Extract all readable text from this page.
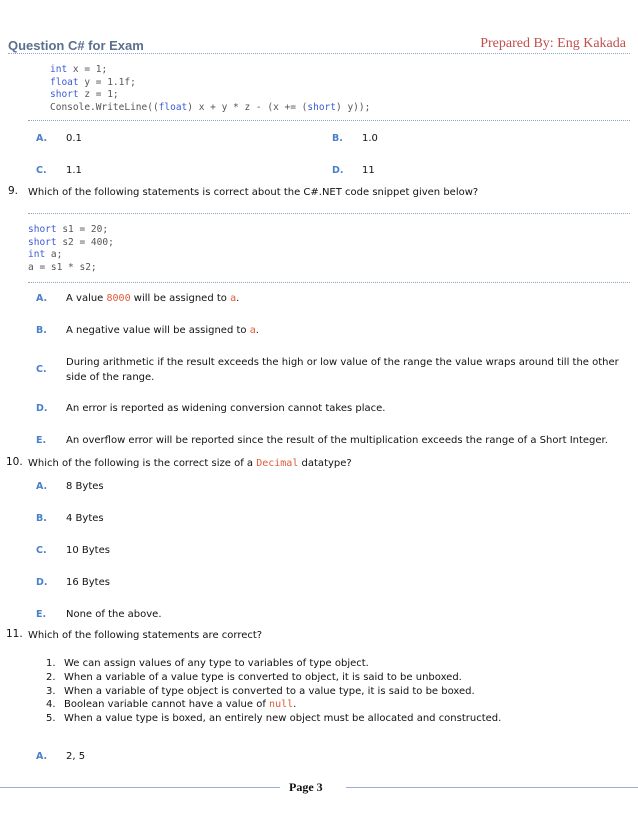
Question C# for Exam	Prepared By: Eng Kakada
int x = 1;
float y = 1.1f;
short z = 1;
Console.WriteLine((float) x + y * z - (x += (short) y));
A. 0.1	B. 1.0
C. 1.1	D. 11
9. Which of the following statements is correct about the C#.NET code snippet given below?
short s1 = 20;
short s2 = 400;
int a;
a = s1 * s2;
A. A value 8000 will be assigned to a.
B. A negative value will be assigned to a.
C.
During arithmetic if the result exceeds the high or low value of the range the value wraps around till the other
side of the range.
D. An error is reported as widening conversion cannot takes place.
E. An overflow error will be reported since the result of the multiplication exceeds the range of a Short Integer.
10. Which of the following is the correct size of a Decimal datatype?
A. 8 Bytes
B. 4 Bytes
C. 10 Bytes
D. 16 Bytes
E. None of the above.
11. Which of the following statements are correct?
1. We can assign values of any type to variables of type object.
2. When a variable of a value type is converted to object, it is said to be unboxed.
3. When a variable of type object is converted to a value type, it is said to be boxed.
4. Boolean variable cannot have a value of null.
5. When a value type is boxed, an entirely new object must be allocated and constructed.
A. 2, 5
Page 3
